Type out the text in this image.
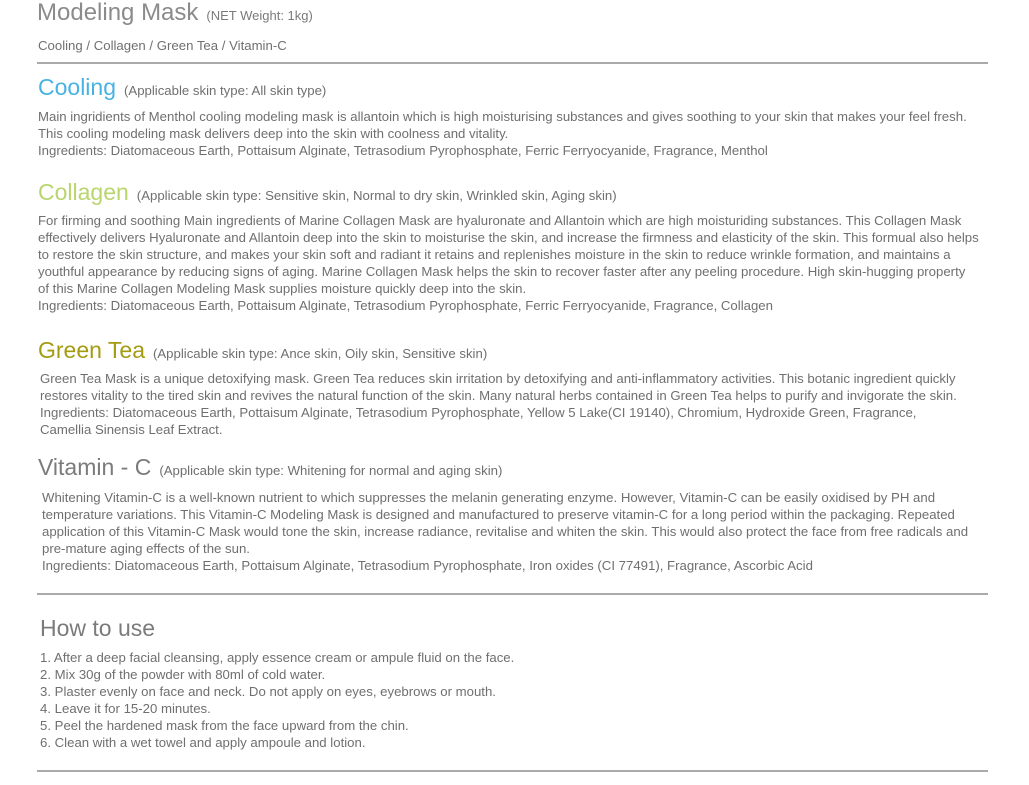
Modeling Mask (NET Weight: 1kg)
Cooling / Collagen / Green Tea / Vitamin-C
Cooling (Applicable skin type: All skin type)
Main ingridients of Menthol cooling modeling mask is allantoin which is high moisturising substances and gives soothing to your skin that makes your feel fresh.
This cooling modeling mask delivers deep into the skin with coolness and vitality.
Ingredients: Diatomaceous Earth, Pottaisum Alginate, Tetrasodium Pyrophosphate, Ferric Ferryocyanide, Fragrance, Menthol
Collagen (Applicable skin type: Sensitive skin, Normal to dry skin, Wrinkled skin, Aging skin)
For firming and soothing Main ingredients of Marine Collagen Mask are hyaluronate and Allantoin which are high moisturiding substances. This Collagen Mask
effectively delivers Hyaluronate and Allantoin deep into the skin to moisturise the skin, and increase the firmness and elasticity of the skin. This formual also helps
to restore the skin structure, and makes your skin soft and radiant it retains and replenishes moisture in the skin to reduce wrinkle formation, and maintains a
youthful appearance by reducing signs of aging. Marine Collagen Mask helps the skin to recover faster after any peeling procedure. High skin-hugging property
of this Marine Collagen Modeling Mask supplies moisture quickly deep into the skin.
Ingredients: Diatomaceous Earth, Pottaisum Alginate, Tetrasodium Pyrophosphate, Ferric Ferryocyanide, Fragrance, Collagen
Green Tea (Applicable skin type: Ance skin, Oily skin, Sensitive skin)
Green Tea Mask is a unique detoxifying mask. Green Tea reduces skin irritation by detoxifying and anti-inflammatory activities. This botanic ingredient quickly
restores vitality to the tired skin and revives the natural function of the skin. Many natural herbs contained in Green Tea helps to purify and invigorate the skin.
Ingredients: Diatomaceous Earth, Pottaisum Alginate, Tetrasodium Pyrophosphate, Yellow 5 Lake(CI 19140), Chromium, Hydroxide Green, Fragrance,
Camellia Sinensis Leaf Extract.
Vitamin - C (Applicable skin type: Whitening for normal and aging skin)
Whitening Vitamin-C is a well-known nutrient to which suppresses the melanin generating enzyme. However, Vitamin-C can be easily oxidised by PH and
temperature variations. This Vitamin-C Modeling Mask is designed and manufactured to preserve vitamin-C for a long period within the packaging. Repeated
application of this Vitamin-C Mask would tone the skin, increase radiance, revitalise and whiten the skin. This would also protect the face from free radicals and
pre-mature aging effects of the sun.
Ingredients: Diatomaceous Earth, Pottaisum Alginate, Tetrasodium Pyrophosphate, Iron oxides (CI 77491), Fragrance, Ascorbic Acid
How to use
1. After a deep facial cleansing, apply essence cream or ampule fluid on the face.
2. Mix 30g of the powder with 80ml of cold water.
3. Plaster evenly on face and neck. Do not apply on eyes, eyebrows or mouth.
4. Leave it for 15-20 minutes.
5. Peel the hardened mask from the face upward from the chin.
6. Clean with a wet towel and apply ampoule and lotion.
